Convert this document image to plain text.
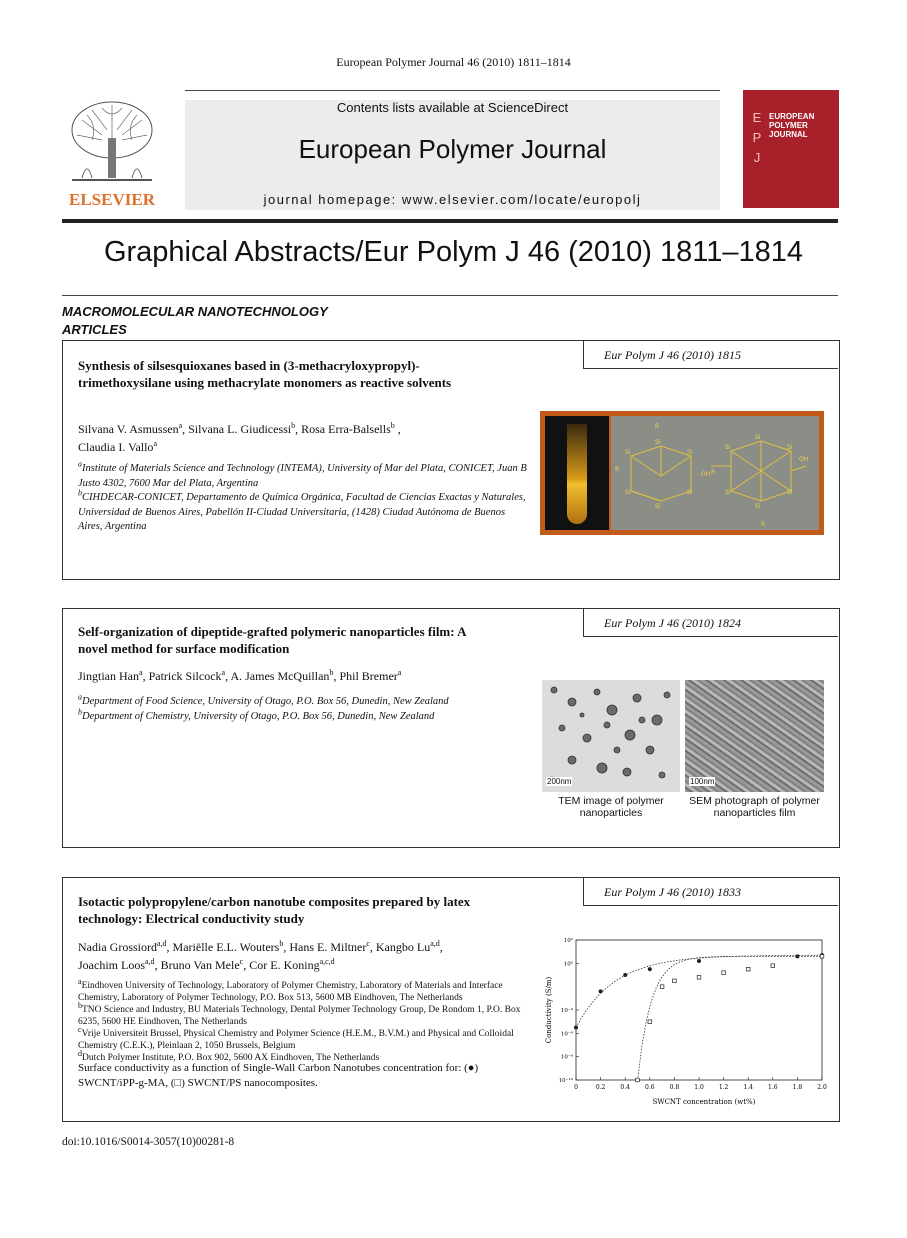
European Polymer Journal 46 (2010) 1811–1814
ELSEVIER
Contents lists available at ScienceDirect
European Polymer Journal
journal homepage: www.elsevier.com/locate/europolj
E
P
J
EUROPEAN
POLYMER
JOURNAL
Graphical Abstracts/Eur Polym J 46 (2010) 1811–1814
MACROMOLECULAR NANOTECHNOLOGY
ARTICLES
Eur Polym J 46 (2010) 1815
Synthesis of silsesquioxanes based in (3-methacryloxypropyl)-trimethoxysilane using methacrylate monomers as reactive solvents
Silvana V. Asmussen$^a$, Silvana L. Giudicessi$^b$, Rosa Erra-Balsells$^b$ ,
Claudia I. Vallo$^a$
$^a$Institute of Materials Science and Technology (INTEMA), University of Mar del Plata, CONICET, Juan B Justo 4302, 7600 Mar del Plata, Argentina
$^b$CIHDECAR-CONICET, Departamento de Química Orgánica, Facultad de Ciencias Exactas y Naturales, Universidad de Buenos Aires, Pabellón II-Ciudad Universitaria, (1428) Ciudad Autónoma de Buenos Aires, Argentina
Si
Si	Si
Si	Si
Si
Si
Si	Si
Si	Si
Si
R
R
OH
OH
R
R
Eur Polym J 46 (2010) 1824
Self-organization of dipeptide-grafted polymeric nanoparticles film: A novel method for surface modification
Jingtian Han$^a$, Patrick Silcock$^a$, A. James McQuillan$^b$, Phil Bremer$^a$
$^a$Department of Food Science, University of Otago, P.O. Box 56, Dunedin, New Zealand
$^b$Department of Chemistry, University of Otago, P.O. Box 56, Dunedin, New Zealand
200nm	100nm
TEM image of polymer nanoparticles
SEM photograph of polymer nanoparticles film
Eur Polym J 46 (2010) 1833
Isotactic polypropylene/carbon nanotube composites prepared by latex technology: Electrical conductivity study
Nadia Grossiord$^{a,d}$, Mariëlle E.L. Wouters$^b$, Hans E. Miltner$^c$, Kangbo Lu$^{a,d}$,
Joachim Loos$^{a,d}$, Bruno Van Mele$^c$, Cor E. Koning$^{a,c,d}$
$^a$Eindhoven University of Technology, Laboratory of Polymer Chemistry, Laboratory of Materials and Interface Chemistry, Laboratory of Polymer Technology, P.O. Box 513, 5600 MB Eindhoven, The Netherlands
$^b$TNO Science and Industry, BU Materials Technology, Dental Polymer Technology Group, De Rondom 1, P.O. Box 6235, 5600 HE Eindhoven, The Netherlands
$^c$Vrije Universiteit Brussel, Physical Chemistry and Polymer Science (H.E.M., B.V.M.) and Physical and Colloidal Chemistry (C.E.K.), Pleinlaan 2, 1050 Brussels, Belgium
$^d$Dutch Polymer Institute, P.O. Box 902, 5600 AX Eindhoven, The Netherlands
Surface conductivity as a function of Single-Wall Carbon Nanotubes concentration for: (●) SWCNT/iPP-g-MA, (□) SWCNT/PS nanocomposites.	0	0.2	0.4	0.6	0.8	1.0	1.2	1.4	1.6	1.8	2.0
10⁻¹⁰
10⁻⁸
10⁻⁶
10⁻⁴
10⁰
10²
SWCNT concentration (wt%)
Conductivity (S/m)
doi:10.1016/S0014-3057(10)00281-8
